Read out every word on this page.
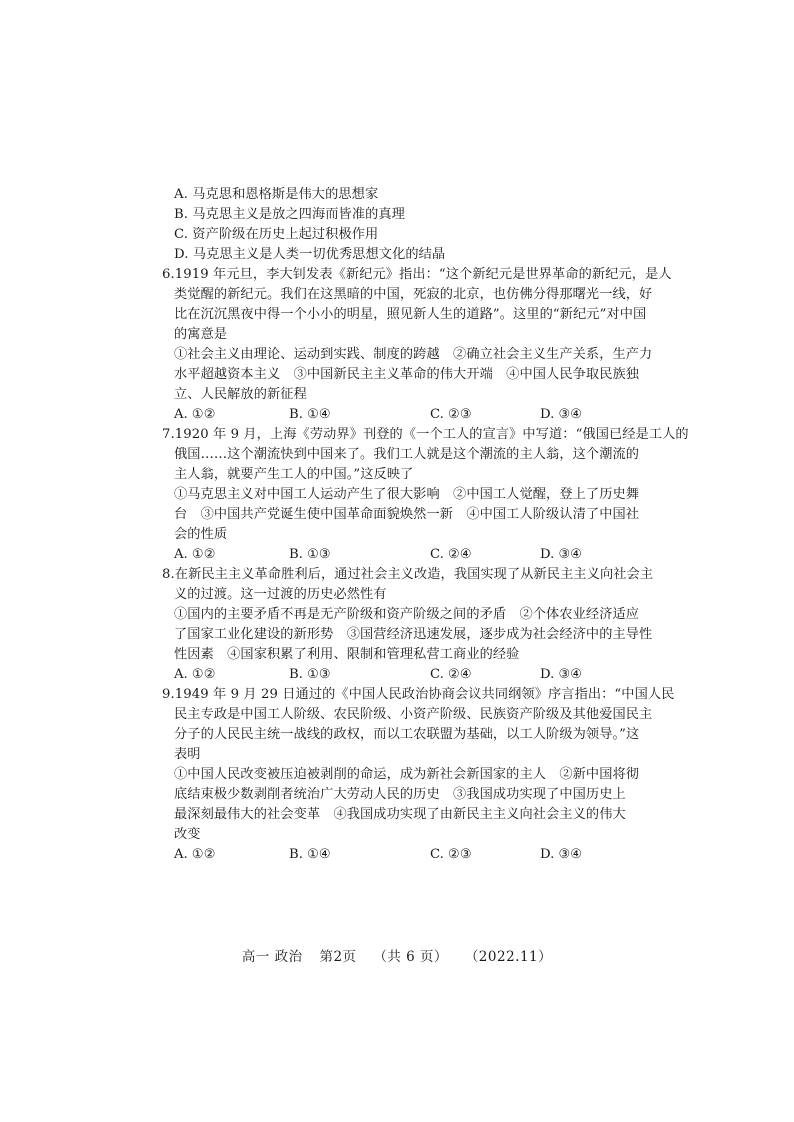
A. 马克思和恩格斯是伟大的思想家
B. 马克思主义是放之四海而皆准的真理
C. 资产阶级在历史上起过积极作用
D. 马克思主义是人类一切优秀思想文化的结晶
6.1919 年元旦，李大钊发表《新纪元》指出：“这个新纪元是世界革命的新纪元，是人
类觉醒的新纪元。我们在这黑暗的中国，死寂的北京，也仿佛分得那曙光一线，好
比在沉沉黑夜中得一个小小的明星，照见新人生的道路”。这里的“新纪元”对中国
的寓意是
①社会主义由理论、运动到实践、制度的跨越　②确立社会主义生产关系，生产力
水平超越资本主义　③中国新民主主义革命的伟大开端　④中国人民争取民族独
立、人民解放的新征程
A. ①②	B. ①④	C. ②③	D. ③④
7.1920 年 9 月，上海《劳动界》刊登的《一个工人的宣言》中写道：“俄国已经是工人的
俄国……这个潮流快到中国来了。我们工人就是这个潮流的主人翁，这个潮流的
主人翁，就要产生工人的中国。”这反映了
①马克思主义对中国工人运动产生了很大影响　②中国工人觉醒，登上了历史舞
台　③中国共产党诞生使中国革命面貌焕然一新　④中国工人阶级认清了中国社
会的性质
A. ①②	B. ①③	C. ②④	D. ③④
8.在新民主主义革命胜利后，通过社会主义改造，我国实现了从新民主主义向社会主
义的过渡。这一过渡的历史必然性有
①国内的主要矛盾不再是无产阶级和资产阶级之间的矛盾　②个体农业经济适应
了国家工业化建设的新形势　③国营经济迅速发展，逐步成为社会经济中的主导性
性因素　④国家积累了利用、限制和管理私营工商业的经验
A. ①②	B. ①③	C. ②④	D. ③④
9.1949 年 9 月 29 日通过的《中国人民政治协商会议共同纲领》序言指出：“中国人民
民主专政是中国工人阶级、农民阶级、小资产阶级、民族资产阶级及其他爱国民主
分子的人民民主统一战线的政权，而以工农联盟为基础，以工人阶级为领导。”这
表明
①中国人民改变被压迫被剥削的命运，成为新社会新国家的主人　②新中国将彻
底结束极少数剥削者统治广大劳动人民的历史　③我国成功实现了中国历史上
最深刻最伟大的社会变革　④我国成功实现了由新民主主义向社会主义的伟大
改变
A. ①②	B. ①④	C. ②③	D. ③④
高一 政治 第2页 （共 6 页） （2022.11）
